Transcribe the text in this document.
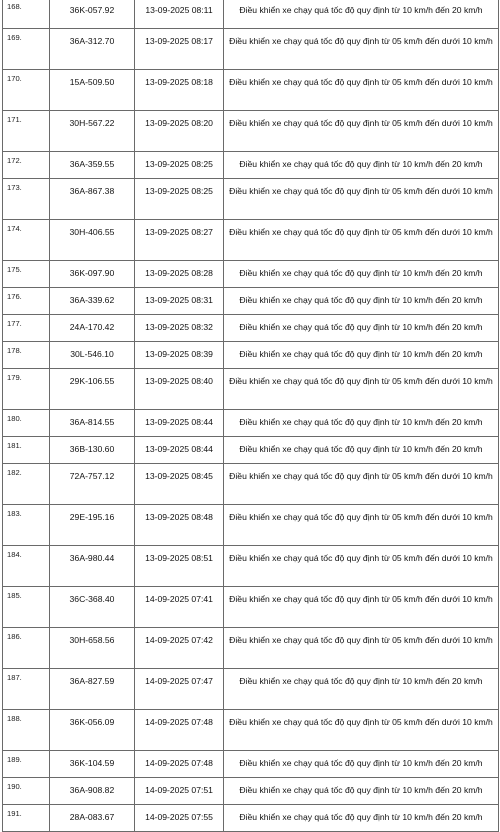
168.	36K-057.92	13-09-2025 08:11	Điều khiển xe chạy quá tốc độ quy định từ 10 km/h đến 20 km/h
169.	36A-312.70	13-09-2025 08:17	Điều khiển xe chạy quá tốc độ quy định từ 05 km/h đến dưới 10 km/h
170.	15A-509.50	13-09-2025 08:18	Điều khiển xe chạy quá tốc độ quy định từ 05 km/h đến dưới 10 km/h
171.	30H-567.22	13-09-2025 08:20	Điều khiển xe chạy quá tốc độ quy định từ 05 km/h đến dưới 10 km/h
172.	36A-359.55	13-09-2025 08:25	Điều khiển xe chạy quá tốc độ quy định từ 10 km/h đến 20 km/h
173.	36A-867.38	13-09-2025 08:25	Điều khiển xe chạy quá tốc độ quy định từ 05 km/h đến dưới 10 km/h
174.	30H-406.55	13-09-2025 08:27	Điều khiển xe chạy quá tốc độ quy định từ 05 km/h đến dưới 10 km/h
175.	36K-097.90	13-09-2025 08:28	Điều khiển xe chạy quá tốc độ quy định từ 10 km/h đến 20 km/h
176.	36A-339.62	13-09-2025 08:31	Điều khiển xe chạy quá tốc độ quy định từ 10 km/h đến 20 km/h
177.	24A-170.42	13-09-2025 08:32	Điều khiển xe chạy quá tốc độ quy định từ 10 km/h đến 20 km/h
178.	30L-546.10	13-09-2025 08:39	Điều khiển xe chạy quá tốc độ quy định từ 10 km/h đến 20 km/h
179.	29K-106.55	13-09-2025 08:40	Điều khiển xe chạy quá tốc độ quy định từ 05 km/h đến dưới 10 km/h
180.	36A-814.55	13-09-2025 08:44	Điều khiển xe chạy quá tốc độ quy định từ 10 km/h đến 20 km/h
181.	36B-130.60	13-09-2025 08:44	Điều khiển xe chạy quá tốc độ quy định từ 10 km/h đến 20 km/h
182.	72A-757.12	13-09-2025 08:45	Điều khiển xe chạy quá tốc độ quy định từ 05 km/h đến dưới 10 km/h
183.	29E-195.16	13-09-2025 08:48	Điều khiển xe chạy quá tốc độ quy định từ 05 km/h đến dưới 10 km/h
184.	36A-980.44	13-09-2025 08:51	Điều khiển xe chạy quá tốc độ quy định từ 05 km/h đến dưới 10 km/h
185.	36C-368.40	14-09-2025 07:41	Điều khiển xe chạy quá tốc độ quy định từ 05 km/h đến dưới 10 km/h
186.	30H-658.56	14-09-2025 07:42	Điều khiển xe chạy quá tốc độ quy định từ 05 km/h đến dưới 10 km/h
187.	36A-827.59	14-09-2025 07:47	Điều khiển xe chạy quá tốc độ quy định từ 10 km/h đến 20 km/h
188.	36K-056.09	14-09-2025 07:48	Điều khiển xe chạy quá tốc độ quy định từ 05 km/h đến dưới 10 km/h
189.	36K-104.59	14-09-2025 07:48	Điều khiển xe chạy quá tốc độ quy định từ 10 km/h đến 20 km/h
190.	36A-908.82	14-09-2025 07:51	Điều khiển xe chạy quá tốc độ quy định từ 10 km/h đến 20 km/h
191.	28A-083.67	14-09-2025 07:55	Điều khiển xe chạy quá tốc độ quy định từ 10 km/h đến 20 km/h
